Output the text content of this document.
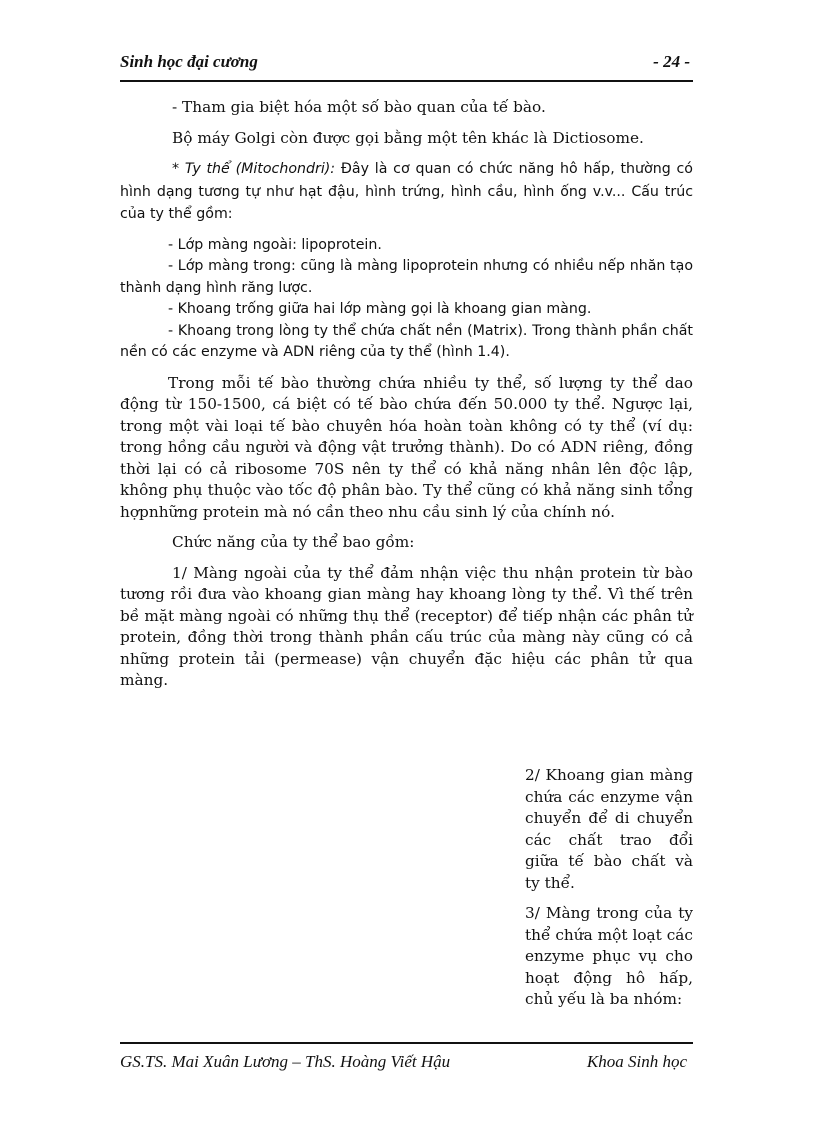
Sinh học đại cương	- 24 -

- Tham gia biệt hóa một số bào quan của tế bào.

Bộ máy Golgi còn được gọi bằng một tên khác là Dictiosome.

* Ty thể (Mitochondri): Đây là cơ quan có chức năng hô hấp, thường có hình dạng tương tự như hạt đậu, hình trứng, hình cầu, hình ống v.v... Cấu trúc của ty thể gồm:

- Lớp màng ngoài: lipoprotein.

- Lớp màng trong: cũng là màng lipoprotein nhưng có nhiều nếp nhăn tạo thành dạng hình răng lược.

- Khoang trống giữa hai lớp màng gọi là khoang gian màng.

- Khoang trong lòng ty thể chứa chất nền (Matrix). Trong thành phần chất nền có các enzyme và ADN riêng của ty thể (hình 1.4).

Trong mỗi tế bào thường chứa nhiều ty thể, số lượng ty thể dao động từ 150-1500, cá biệt có tế bào chứa đến 50.000 ty thể. Ngược lại, trong một vài loại tế bào chuyên hóa hoàn toàn không có ty thể (ví dụ: trong hồng cầu người và động vật trưởng thành). Do có ADN riêng, đồng thời lại có cả ribosome 70S nên ty thể có khả năng nhân lên độc lập, không phụ thuộc vào tốc độ phân bào. Ty thể cũng có khả năng sinh tổng hợpnhững protein mà nó cần theo nhu cầu sinh lý của chính nó.

Chức năng của ty thể bao gồm:

1/ Màng ngoài của ty thể đảm nhận việc thu nhận protein từ bào tương rồi đưa vào khoang gian màng hay khoang lòng ty thể. Vì thế trên bề mặt màng ngoài có những thụ thể (receptor) để tiếp nhận các phân tử protein, đồng thời trong thành phần cấu trúc của màng này cũng có cả những protein tải (permease) vận chuyển đặc hiệu các phân tử qua màng.

2/ Khoang gian màng chứa các enzyme vận chuyển để di chuyển các chất trao đổi giữa tế bào chất và ty thể.

3/ Màng trong của ty thể chứa một loạt các enzyme phục vụ cho hoạt động hô hấp, chủ yếu là ba nhóm:

GS.TS. Mai Xuân Lương – ThS. Hoàng Viết Hậu	Khoa Sinh học
